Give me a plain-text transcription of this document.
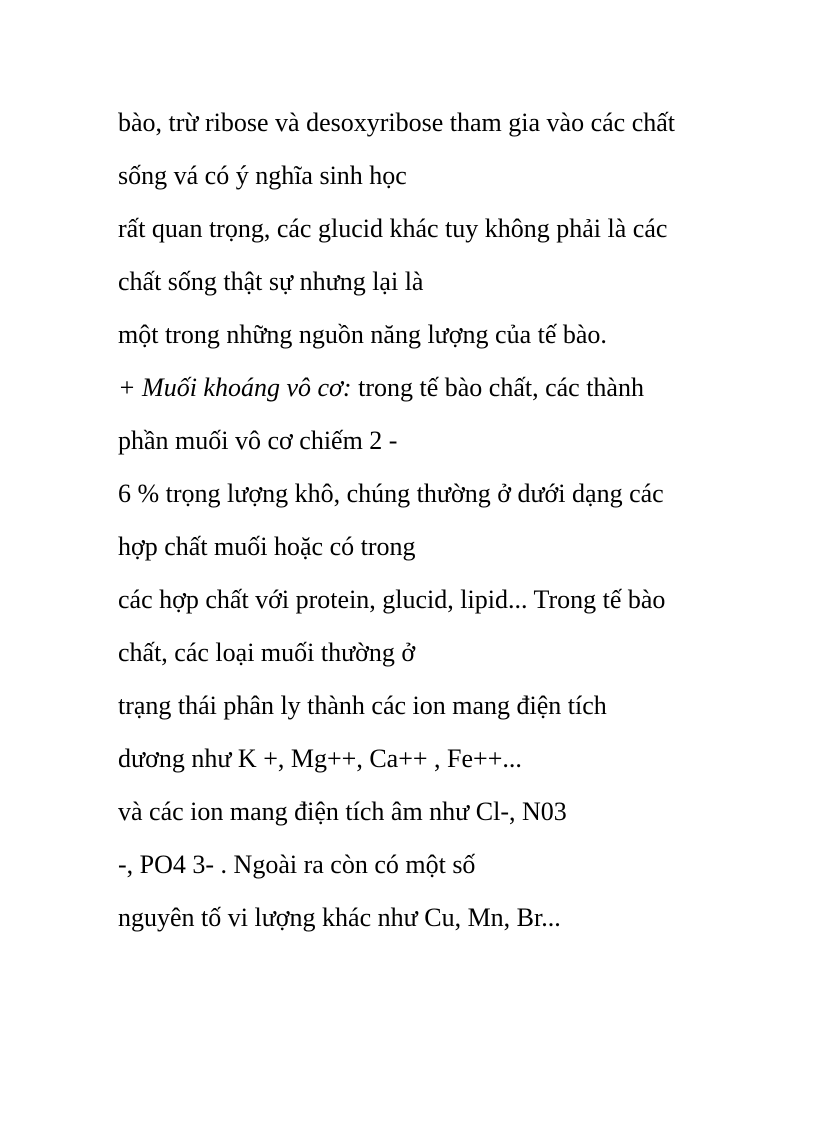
bào, trừ ribose và desoxyribose tham gia vào các chất
sống vá có ý nghĩa sinh học

rất quan trọng, các glucid khác tuy không phải là các
chất sống thật sự nhưng lại là

một trong những nguồn năng lượng của tế bào.

+ Muối khoáng vô cơ: trong tế bào chất, các thành
phần muối vô cơ chiếm 2 -

6 % trọng lượng khô, chúng thường ở dưới dạng các
hợp chất muối hoặc có trong

các hợp chất với protein, glucid, lipid... Trong tế bào
chất, các loại muối thường ở

trạng thái phân ly thành các ion mang điện tích
dương như K +, Mg++, Ca++ , Fe++...

và các ion mang điện tích âm như Cl-, N03

-, PO4 3- . Ngoài ra còn có một số

nguyên tố vi lượng khác như Cu, Mn, Br...
